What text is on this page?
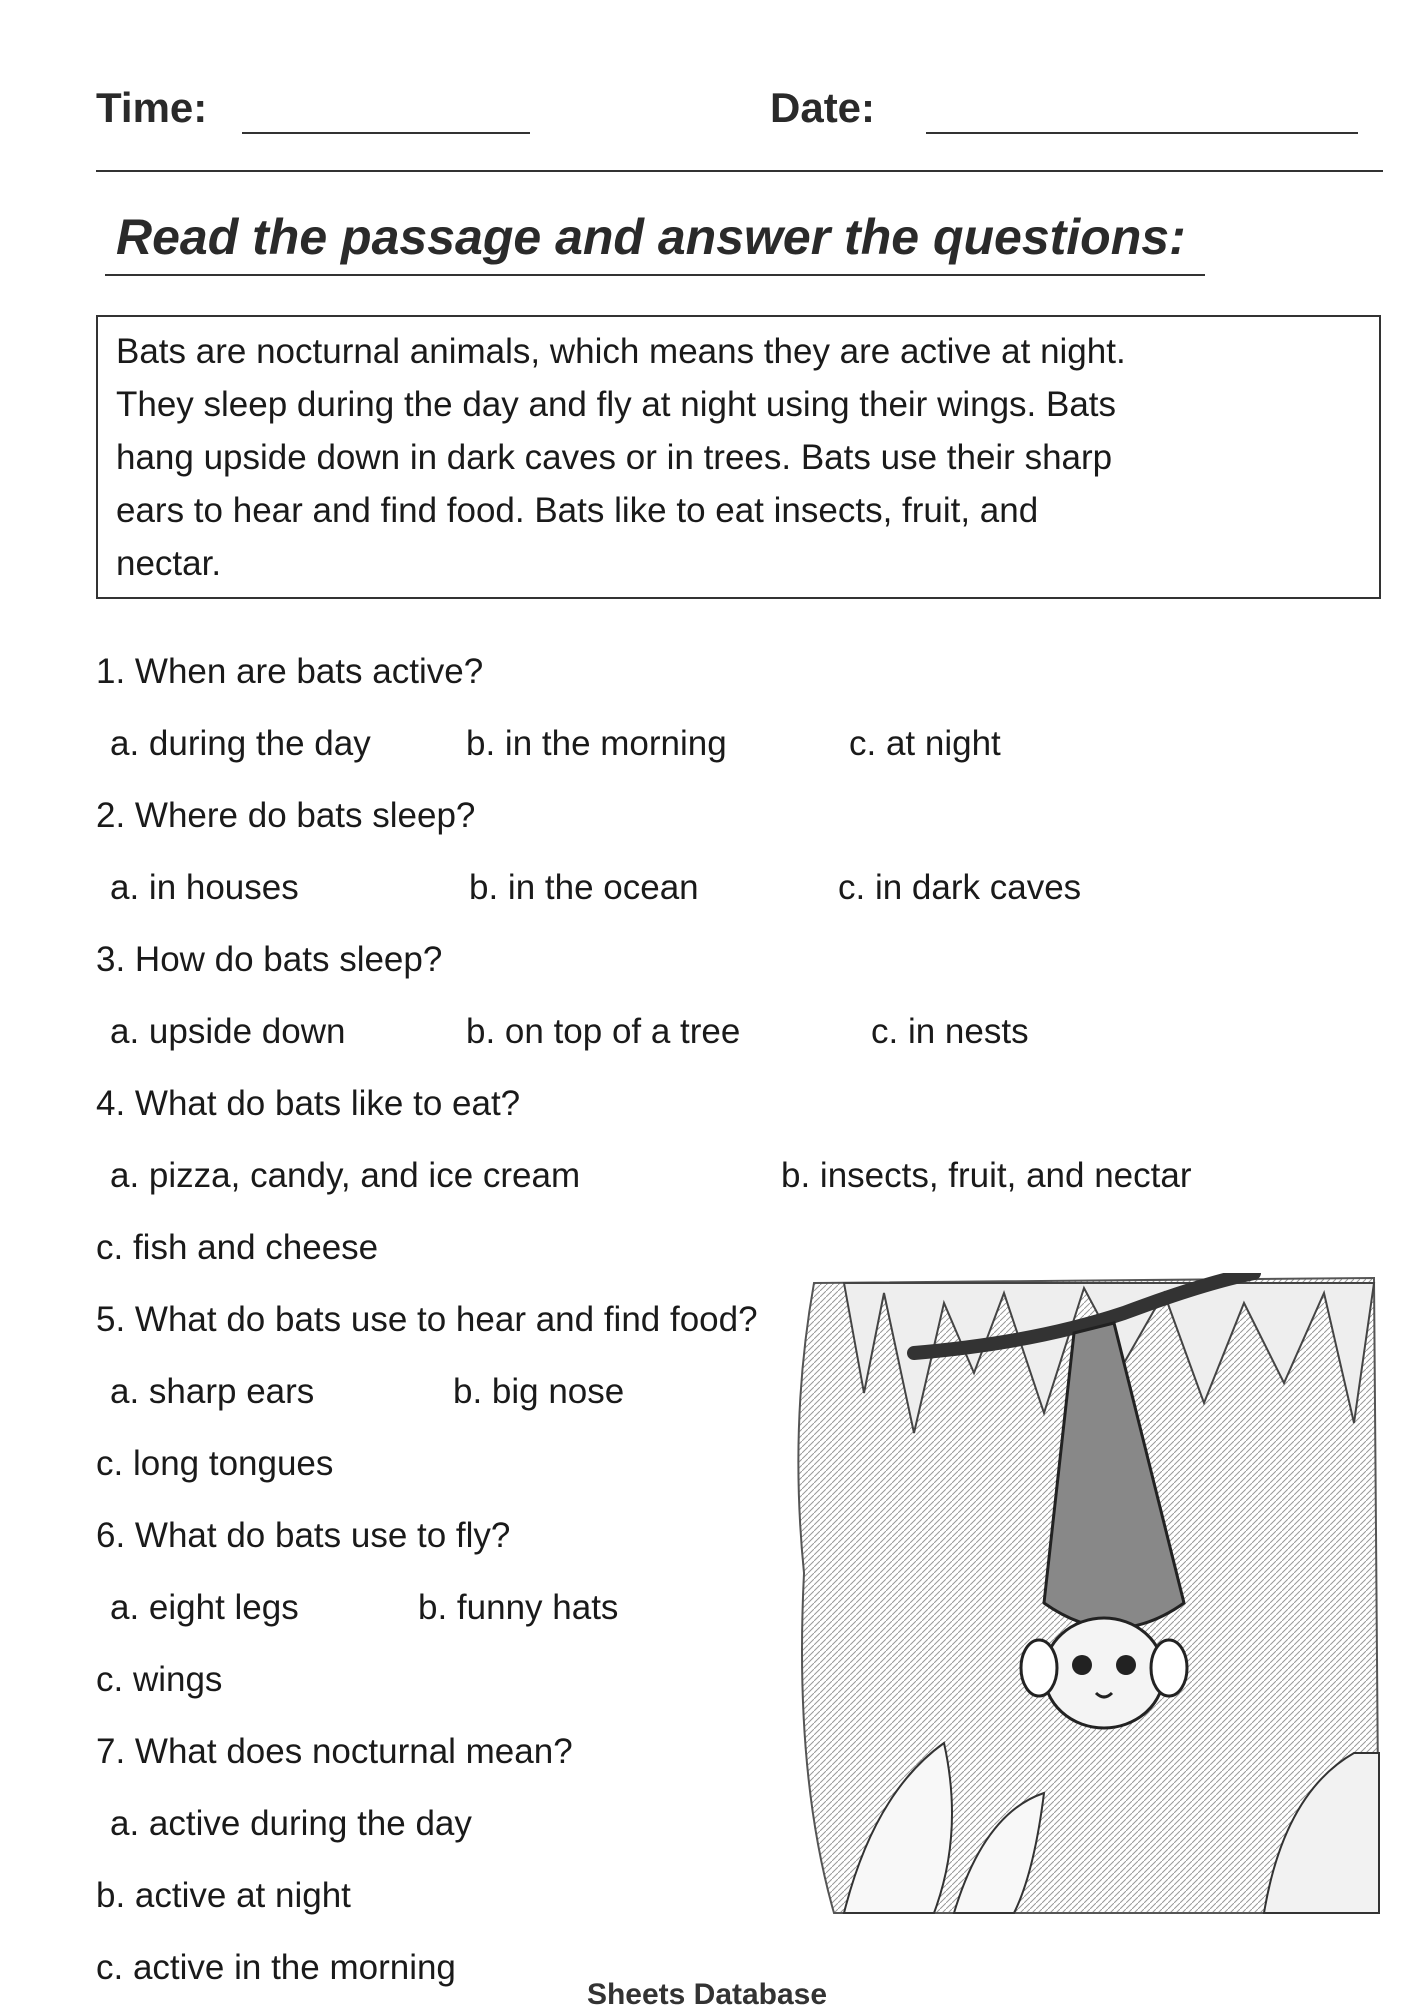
Time:	Date:
Read the passage and answer the questions:
Bats are nocturnal animals, which means they are active at night.
They sleep during the day and fly at night using their wings. Bats
hang upside down in dark caves or in trees. Bats use their sharp
ears to hear and find food. Bats like to eat insects, fruit, and
nectar.
1. When are bats active?
a. during the day	b. in the morning	c. at night
2. Where do bats sleep?
a. in houses	b. in the ocean	c. in dark caves
3. How do bats sleep?
a. upside down	b. on top of a tree	c. in nests
4. What do bats like to eat?
a. pizza, candy, and ice cream	b. insects, fruit, and nectar
c. fish and cheese
5. What do bats use to hear and find food?
a. sharp ears	b. big nose
c. long tongues
6. What do bats use to fly?
a. eight legs	b. funny hats
c. wings
7. What does nocturnal mean?
a. active during the day
b. active at night
c. active in the morning
Sheets Database
